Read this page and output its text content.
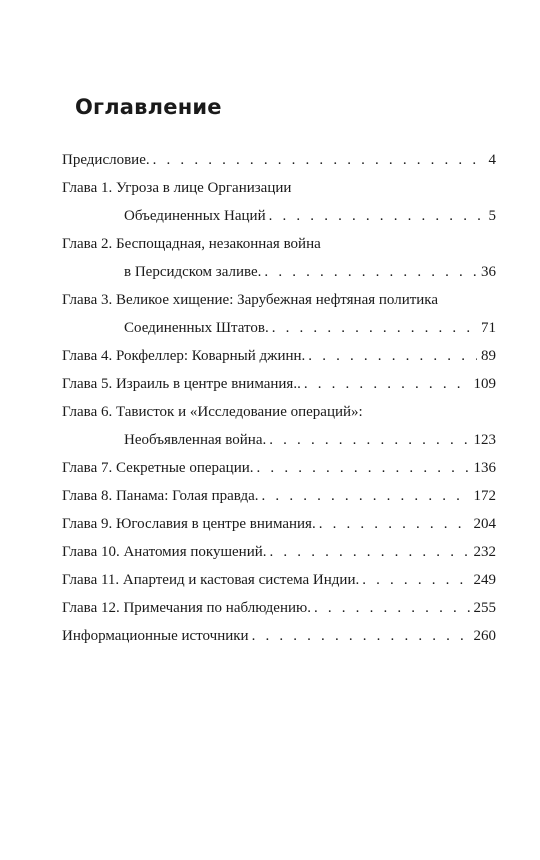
Оглавление
Предисловие. . . .	4
Глава 1. Угроза в лице Организации
Объединенных Наций . . .	5
Глава 2. Беспощадная, незаконная война
в Персидском заливе. . . .	36
Глава 3. Великое хищение: Зарубежная нефтяная политика
Соединенных Штатов. . . .	71
Глава 4. Рокфеллер: Коварный джинн. . . .	89
Глава 5. Израиль в центре внимания.. . . .	109
Глава 6. Тависток и «Исследование операций»:
Необъявленная война. . . .	123
Глава 7. Секретные операции. . . .	136
Глава 8. Панама: Голая правда. . . .	172
Глава 9. Югославия в центре внимания. . . .	204
Глава 10. Анатомия покушений. . . .	232
Глава 11. Апартеид и кастовая система Индии. . . .	249
Глава 12. Примечания по наблюдению. . . .	255
Информационные источники . . .	260
